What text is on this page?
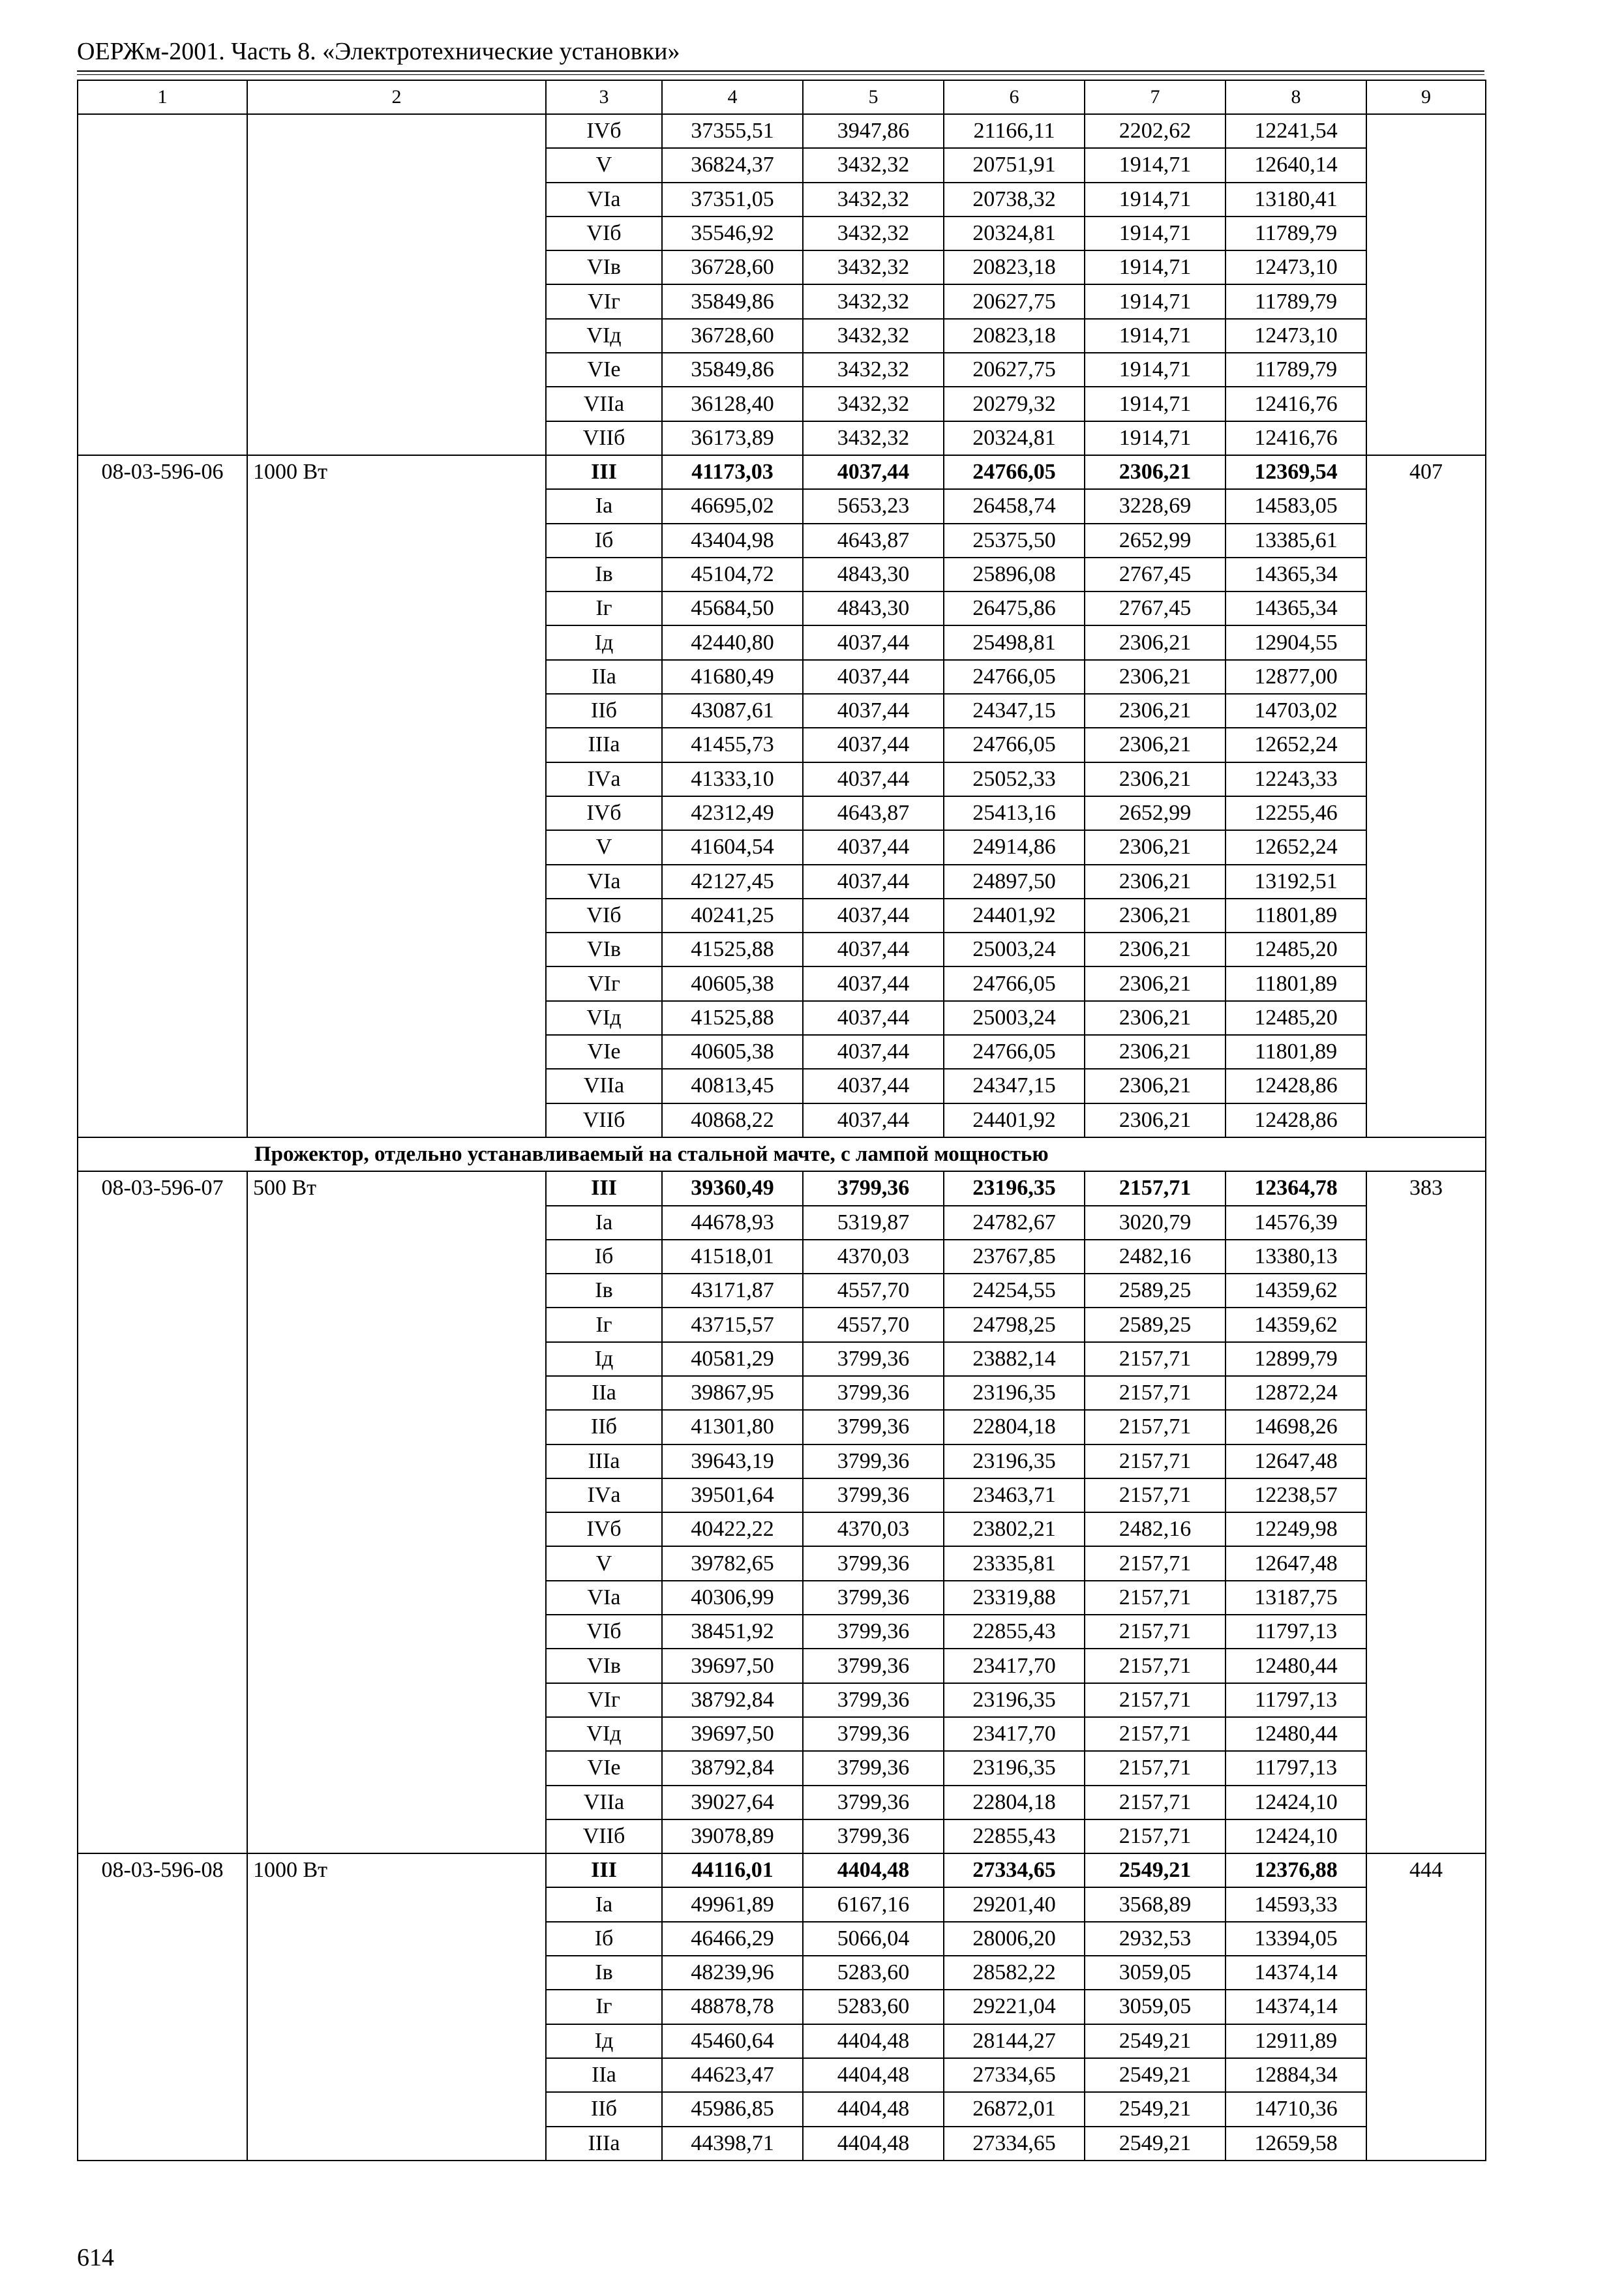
ОЕРЖм-2001. Часть 8. «Электротехнические установки»
1	2	3	4	5	6	7	8	9
		IVб	37355,51	3947,86	21166,11	2202,62	12241,54	
		V	36824,37	3432,32	20751,91	1914,71	12640,14	
		VIа	37351,05	3432,32	20738,32	1914,71	13180,41	
		VIб	35546,92	3432,32	20324,81	1914,71	11789,79	
		VIв	36728,60	3432,32	20823,18	1914,71	12473,10	
		VIг	35849,86	3432,32	20627,75	1914,71	11789,79	
		VIд	36728,60	3432,32	20823,18	1914,71	12473,10	
		VIе	35849,86	3432,32	20627,75	1914,71	11789,79	
		VIIа	36128,40	3432,32	20279,32	1914,71	12416,76	
		VIIб	36173,89	3432,32	20324,81	1914,71	12416,76	
08-03-596-06	1000 Вт	III	41173,03	4037,44	24766,05	2306,21	12369,54	407
		Iа	46695,02	5653,23	26458,74	3228,69	14583,05	
		Iб	43404,98	4643,87	25375,50	2652,99	13385,61	
		Iв	45104,72	4843,30	25896,08	2767,45	14365,34	
		Iг	45684,50	4843,30	26475,86	2767,45	14365,34	
		Iд	42440,80	4037,44	25498,81	2306,21	12904,55	
		IIа	41680,49	4037,44	24766,05	2306,21	12877,00	
		IIб	43087,61	4037,44	24347,15	2306,21	14703,02	
		IIIа	41455,73	4037,44	24766,05	2306,21	12652,24	
		IVа	41333,10	4037,44	25052,33	2306,21	12243,33	
		IVб	42312,49	4643,87	25413,16	2652,99	12255,46	
		V	41604,54	4037,44	24914,86	2306,21	12652,24	
		VIа	42127,45	4037,44	24897,50	2306,21	13192,51	
		VIб	40241,25	4037,44	24401,92	2306,21	11801,89	
		VIв	41525,88	4037,44	25003,24	2306,21	12485,20	
		VIг	40605,38	4037,44	24766,05	2306,21	11801,89	
		VIд	41525,88	4037,44	25003,24	2306,21	12485,20	
		VIе	40605,38	4037,44	24766,05	2306,21	11801,89	
		VIIа	40813,45	4037,44	24347,15	2306,21	12428,86	
		VIIб	40868,22	4037,44	24401,92	2306,21	12428,86	
Прожектор, отдельно устанавливаемый на стальной мачте, с лампой мощностью								
08-03-596-07	500 Вт	III	39360,49	3799,36	23196,35	2157,71	12364,78	383
		Iа	44678,93	5319,87	24782,67	3020,79	14576,39	
		Iб	41518,01	4370,03	23767,85	2482,16	13380,13	
		Iв	43171,87	4557,70	24254,55	2589,25	14359,62	
		Iг	43715,57	4557,70	24798,25	2589,25	14359,62	
		Iд	40581,29	3799,36	23882,14	2157,71	12899,79	
		IIа	39867,95	3799,36	23196,35	2157,71	12872,24	
		IIб	41301,80	3799,36	22804,18	2157,71	14698,26	
		IIIа	39643,19	3799,36	23196,35	2157,71	12647,48	
		IVа	39501,64	3799,36	23463,71	2157,71	12238,57	
		IVб	40422,22	4370,03	23802,21	2482,16	12249,98	
		V	39782,65	3799,36	23335,81	2157,71	12647,48	
		VIа	40306,99	3799,36	23319,88	2157,71	13187,75	
		VIб	38451,92	3799,36	22855,43	2157,71	11797,13	
		VIв	39697,50	3799,36	23417,70	2157,71	12480,44	
		VIг	38792,84	3799,36	23196,35	2157,71	11797,13	
		VIд	39697,50	3799,36	23417,70	2157,71	12480,44	
		VIе	38792,84	3799,36	23196,35	2157,71	11797,13	
		VIIа	39027,64	3799,36	22804,18	2157,71	12424,10	
		VIIб	39078,89	3799,36	22855,43	2157,71	12424,10	
08-03-596-08	1000 Вт	III	44116,01	4404,48	27334,65	2549,21	12376,88	444
		Iа	49961,89	6167,16	29201,40	3568,89	14593,33	
		Iб	46466,29	5066,04	28006,20	2932,53	13394,05	
		Iв	48239,96	5283,60	28582,22	3059,05	14374,14	
		Iг	48878,78	5283,60	29221,04	3059,05	14374,14	
		Iд	45460,64	4404,48	28144,27	2549,21	12911,89	
		IIа	44623,47	4404,48	27334,65	2549,21	12884,34	
		IIб	45986,85	4404,48	26872,01	2549,21	14710,36	
		IIIа	44398,71	4404,48	27334,65	2549,21	12659,58	
614
